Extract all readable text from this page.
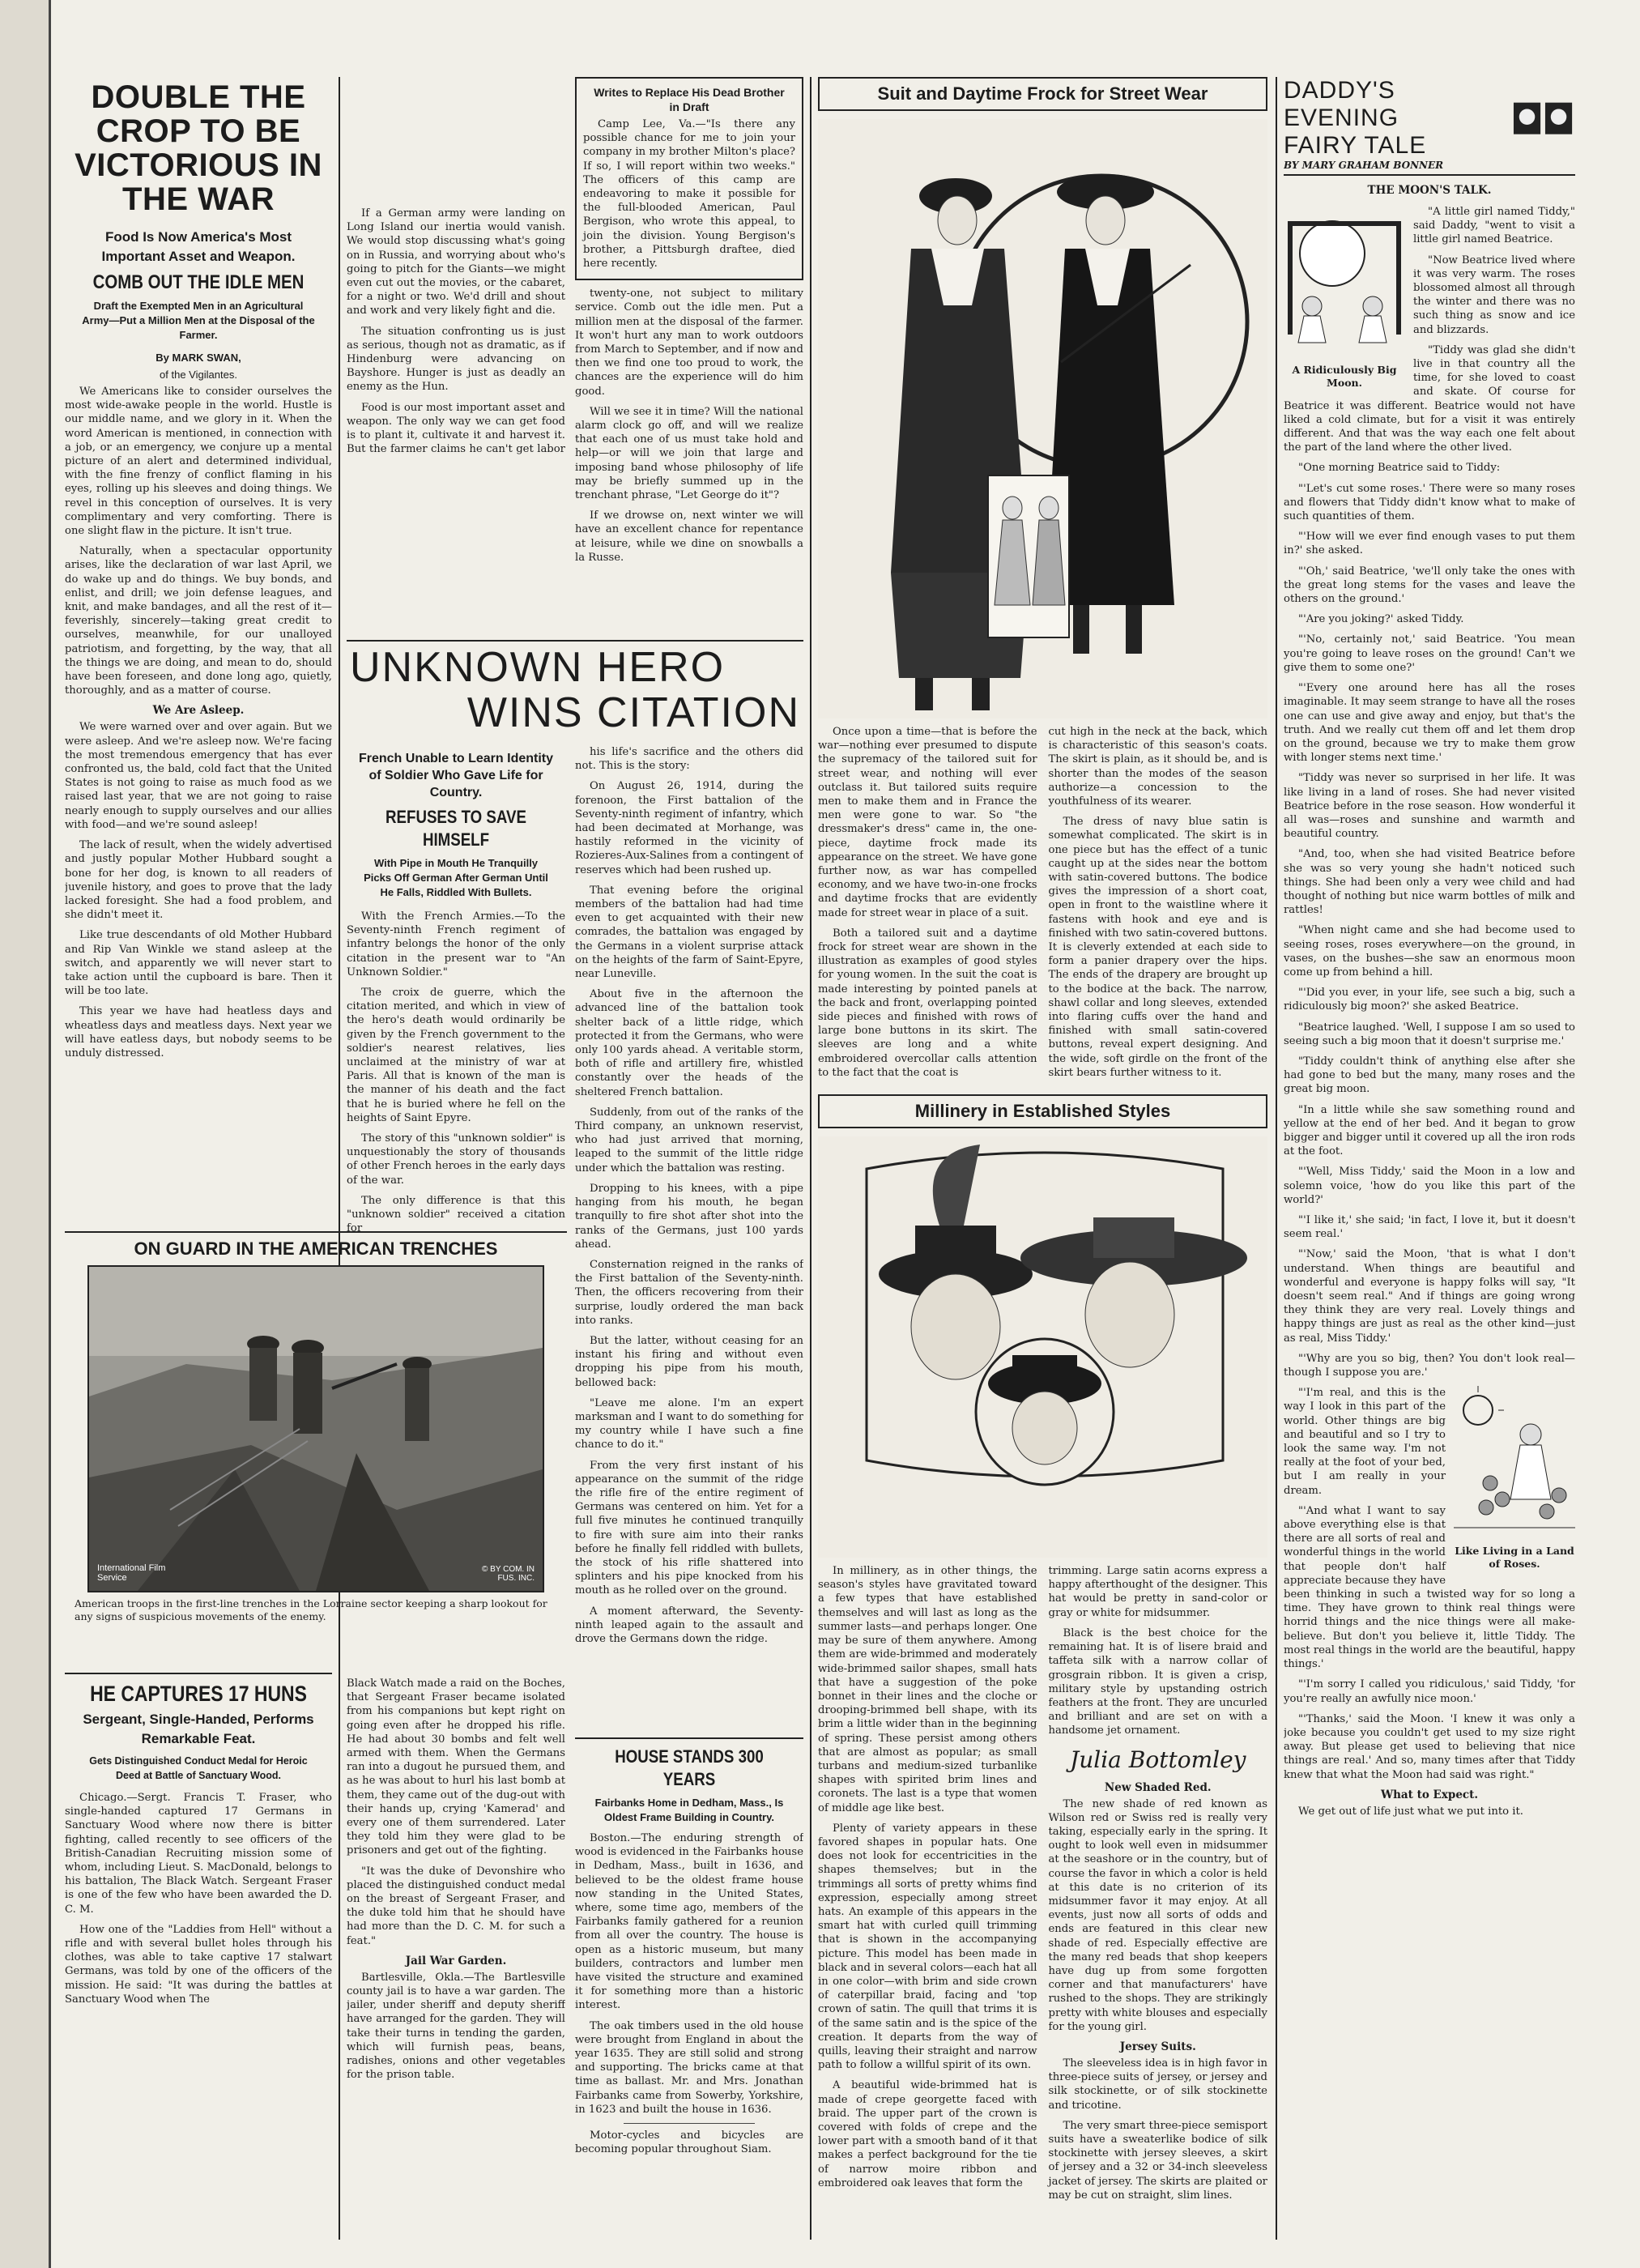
DOUBLE THE CROP TO BE VICTORIOUS IN THE WAR
Food Is Now America's Most Important Asset and Weapon.
COMB OUT THE IDLE MEN
Draft the Exempted Men in an Agricultural Army—Put a Million Men at the Disposal of the Farmer.
By MARK SWAN,
of the Vigilantes.

We Americans like to consider ourselves the most wide-awake people in the world. Hustle is our middle name, and we glory in it. When the word American is mentioned, in connection with a job, or an emergency, we conjure up a mental picture of an alert and determined individual, with the fine frenzy of conflict flaming in his eyes, rolling up his sleeves and doing things. We revel in this conception of ourselves. It is very complimentary and very comforting. There is one slight flaw in the picture. It isn't true.

Naturally, when a spectacular opportunity arises, like the declaration of war last April, we do wake up and do things. We buy bonds, and enlist, and drill; we join defense leagues, and knit, and make bandages, and all the rest of it—feverishly, sincerely—taking great credit to ourselves, meanwhile, for our unalloyed patriotism, and forgetting, by the way, that all the things we are doing, and mean to do, should have been foreseen, and done long ago, quietly, thoroughly, and as a matter of course.

We Are Asleep.

We were warned over and over again. But we were asleep. And we're asleep now. We're facing the most tremendous emergency that has ever confronted us, the bald, cold fact that the United States is not going to raise as much food as we raised last year, that we are not going to raise nearly enough to supply ourselves and our allies with food—and we're sound asleep!

The lack of result, when the widely advertised and justly popular Mother Hubbard sought a bone for her dog, is known to all readers of juvenile history, and goes to prove that the lady lacked foresight. She had a food problem, and she didn't meet it.

Like true descendants of old Mother Hubbard and Rip Van Winkle we stand asleep at the switch, and apparently we will never start to take action until the cupboard is bare. Then it will be too late.

This year we have had heatless days and wheatless days and meatless days. Next year we will have eatless days, but nobody seems to be unduly distressed.

If a German army were landing on Long Island our inertia would vanish. We would stop discussing what's going on in Russia, and worrying about who's going to pitch for the Giants—we might even cut out the movies, or the cabaret, for a night or two. We'd drill and shout and work and very likely fight and die.

The situation confronting us is just as serious, though not as dramatic, as if Hindenburg were advancing on Bayshore. Hunger is just as deadly an enemy as the Hun.

Food is our most important asset and weapon. The only way we can get food is to plant it, cultivate it and harvest it. But the farmer claims he can't get labor

Writes to Replace His Dead Brother in Draft

Camp Lee, Va.—"Is there any possible chance for me to join your company in my brother Milton's place? If so, I will report within two weeks." The officers of this camp are endeavoring to make it possible for the full-blooded American, Paul Bergison, who wrote this appeal, to join the division. Young Bergison's brother, a Pittsburgh draftee, died here recently.

twenty-one, not subject to military service. Comb out the idle men. Put a million men at the disposal of the farmer. It won't hurt any man to work outdoors from March to September, and if now and then we find one too proud to work, the chances are the experience will do him good.

Will we see it in time? Will the national alarm clock go off, and will we realize that each one of us must take hold and help—or will we join that large and imposing band whose philosophy of life may be briefly summed up in the trenchant phrase, "Let George do it"?

If we drowse on, next winter we will have an excellent chance for repentance at leisure, while we dine on snowballs a la Russe.

UNKNOWN HERO
WINS CITATION
French Unable to Learn Identity of Soldier Who Gave Life for Country.
REFUSES TO SAVE HIMSELF
With Pipe in Mouth He Tranquilly Picks Off German After German Until He Falls, Riddled With Bullets.

With the French Armies.—To the Seventy-ninth French regiment of infantry belongs the honor of the only citation in the present war to "An Unknown Soldier."

The croix de guerre, which the citation merited, and which in view of the hero's death would ordinarily be given by the French government to the soldier's nearest relatives, lies unclaimed at the ministry of war at Paris. All that is known of the man is the manner of his death and the fact that he is buried where he fell on the heights of Saint Epyre.

The story of this "unknown soldier" is unquestionably the story of thousands of other French heroes in the early days of the war.

The only difference is that this "unknown soldier" received a citation for

his life's sacrifice and the others did not. This is the story:

On August 26, 1914, during the forenoon, the First battalion of the Seventy-ninth regiment of infantry, which had been decimated at Morhange, was hastily reformed in the vicinity of Rozieres-Aux-Salines from a contingent of reserves which had been rushed up.

That evening before the original members of the battalion had had time even to get acquainted with their new comrades, the battalion was engaged by the Germans in a violent surprise attack on the heights of the farm of Saint-Epyre, near Luneville.

About five in the afternoon the advanced line of the battalion took shelter back of a little ridge, which protected it from the Germans, who were only 100 yards ahead. A veritable storm, both of rifle and artillery fire, whistled constantly over the heads of the sheltered French battalion.

Suddenly, from out of the ranks of the Third company, an unknown reservist, who had just arrived that morning, leaped to the summit of the little ridge under which the battalion was resting.

Dropping to his knees, with a pipe hanging from his mouth, he began tranquilly to fire shot after shot into the ranks of the Germans, just 100 yards ahead.

Consternation reigned in the ranks of the First battalion of the Seventy-ninth. Then, the officers recovering from their surprise, loudly ordered the man back into ranks.

But the latter, without ceasing for an instant his firing and without even dropping his pipe from his mouth, bellowed back:

"Leave me alone. I'm an expert marksman and I want to do something for my country while I have such a fine chance to do it."

From the very first instant of his appearance on the summit of the ridge the rifle fire of the entire regiment of Germans was centered on him. Yet for a full five minutes he continued tranquilly to fire with sure aim into their ranks before he finally fell riddled with bullets, the stock of his rifle shattered into splinters and his pipe knocked from his mouth as he rolled over on the ground.

A moment afterward, the Seventy-ninth leaped again to the assault and drove the Germans down the ridge.

ON GUARD IN THE AMERICAN TRENCHES
International Film Service
© BY COM. IN FUS. INC.
American troops in the first-line trenches in the Lorraine sector keeping a sharp lookout for any signs of suspicious movements of the enemy.
HE CAPTURES 17 HUNS
Sergeant, Single-Handed, Performs Remarkable Feat.
Gets Distinguished Conduct Medal for Heroic Deed at Battle of Sanctuary Wood.

Chicago.—Sergt. Francis T. Fraser, who single-handed captured 17 Germans in Sanctuary Wood where now there is bitter fighting, called recently to see officers of the British-Canadian Recruiting mission some of whom, including Lieut. S. MacDonald, belongs to his battalion, The Black Watch. Sergeant Fraser is one of the few who have been awarded the D. C. M.

How one of the "Laddies from Hell" without a rifle and with several bullet holes through his clothes, was able to take captive 17 stalwart Germans, was told by one of the officers of the mission. He said: "It was during the battles at Sanctuary Wood when The

Black Watch made a raid on the Boches, that Sergeant Fraser became isolated from his companions but kept right on going even after he dropped his rifle. He had about 30 bombs and felt well armed with them. When the Germans ran into a dugout he pursued them, and as he was about to hurl his last bomb at them, they came out of the dug-out with their hands up, crying 'Kamerad' and every one of them surrendered. Later they told him they were glad to be prisoners and get out of the fighting.

"It was the duke of Devonshire who placed the distinguished conduct medal on the breast of Sergeant Fraser, and the duke told him that he should have had more than the D. C. M. for such a feat."

Jail War Garden.

Bartlesville, Okla.—The Bartlesville county jail is to have a war garden. The jailer, under sheriff and deputy sheriff have arranged for the garden. They will take their turns in tending the garden, which will furnish peas, beans, radishes, onions and other vegetables for the prison table.

HOUSE STANDS 300 YEARS
Fairbanks Home in Dedham, Mass., Is Oldest Frame Building in Country.

Boston.—The enduring strength of wood is evidenced in the Fairbanks house in Dedham, Mass., built in 1636, and believed to be the oldest frame house now standing in the United States, where, some time ago, members of the Fairbanks family gathered for a reunion from all over the country. The house is open as a historic museum, but many builders, contractors and lumber men have visited the structure and examined it for something more than a historic interest.

The oak timbers used in the old house were brought from England in about the year 1635. They are still solid and strong and supporting. The bricks came at that time as ballast. Mr. and Mrs. Jonathan Fairbanks came from Sowerby, Yorkshire, in 1623 and built the house in 1636.

Motor-cycles and bicycles are becoming popular throughout Siam.

Suit and Daytime Frock for Street Wear

Once upon a time—that is before the war—nothing ever presumed to dispute the supremacy of the tailored suit for street wear, and nothing will ever outclass it. But tailored suits require men to make them and in France the men were gone to war. So "the dressmaker's dress" came in, the one-piece, daytime frock made its appearance on the street. We have gone further now, as war has compelled economy, and we have two-in-one frocks and daytime frocks that are evidently made for street wear in place of a suit.

Both a tailored suit and a daytime frock for street wear are shown in the illustration as examples of good styles for young women. In the suit the coat is made interesting by pointed panels at the back and front, overlapping pointed side pieces and finished with rows of large bone buttons in its skirt. The sleeves are long and a white embroidered overcollar calls attention to the fact that the coat is

cut high in the neck at the back, which is characteristic of this season's coats. The skirt is plain, as it should be, and is shorter than the modes of the season authorize—a concession to the youthfulness of its wearer.

The dress of navy blue satin is somewhat complicated. The skirt is in one piece but has the effect of a tunic caught up at the sides near the bottom with satin-covered buttons. The bodice gives the impression of a short coat, open in front to the waistline where it fastens with hook and eye and is finished with two satin-covered buttons. It is cleverly extended at each side to form a panier drapery over the hips. The ends of the drapery are brought up to the bodice at the back. The narrow, shawl collar and long sleeves, extended into flaring cuffs over the hand and finished with small satin-covered buttons, reveal expert designing. And the wide, soft girdle on the front of the skirt bears further witness to it.

Millinery in Established Styles

In millinery, as in other things, the season's styles have gravitated toward a few types that have established themselves and will last as long as the summer lasts—and perhaps longer. One may be sure of them anywhere. Among them are wide-brimmed and moderately wide-brimmed sailor shapes, small hats that have a suggestion of the poke bonnet in their lines and the cloche or drooping-brimmed bell shape, with its brim a little wider than in the beginning of spring. These persist among others that are almost as popular; as small turbans and medium-sized turbanlike shapes with spirited brim lines and coronets. The last is a type that women of middle age like best.

Plenty of variety appears in these favored shapes in popular hats. One does not look for eccentricities in the shapes themselves; but in the trimmings all sorts of pretty whims find expression, especially among street hats. An example of this appears in the smart hat with curled quill trimming that is shown in the accompanying picture. This model has been made in black and in several colors—each hat all in one color—with brim and side crown of caterpillar braid, facing and 'top crown of satin. The quill that trims it is of the same satin and is the spice of the creation. It departs from the way of quills, leaving their straight and narrow path to follow a willful spirit of its own.

A beautiful wide-brimmed hat is made of crepe georgette faced with braid. The upper part of the crown is covered with folds of crepe and the lower part with a smooth band of it that makes a perfect background for the tie of narrow moire ribbon and embroidered oak leaves that form the

trimming. Large satin acorns express a happy afterthought of the designer. This hat would be pretty in sand-color or gray or white for midsummer.

Black is the best choice for the remaining hat. It is of lisere braid and taffeta silk with a narrow collar of grosgrain ribbon. It is given a crisp, military style by upstanding ostrich feathers at the front. They are uncurled and brilliant and are set on with a handsome jet ornament.

Julia Bottomley
New Shaded Red.

The new shade of red known as Wilson red or Swiss red is really very taking, especially early in the spring. It ought to look well even in midsummer at the seashore or in the country, but of course the favor in which a color is held at this date is no criterion of its midsummer favor it may enjoy. At all events, just now all sorts of odds and ends are featured in this clear new shade of red. Especially effective are the many red beads that shop keepers have dug up from some forgotten corner and that manufacturers' have rushed to the shops. They are strikingly pretty with white blouses and especially for the young girl.

Jersey Suits.

The sleeveless idea is in high favor in three-piece suits of jersey, or jersey and silk stockinette, or of silk stockinette and tricotine.

The very smart three-piece semisport suits have a sweaterlike bodice of silk stockinette with jersey sleeves, a skirt of jersey and a 32 or 34-inch sleeveless jacket of jersey. The skirts are plaited or may be cut on straight, slim lines.

DADDY'S EVENING
FAIRY TALE
BY MARY GRAHAM BONNER
THE MOON'S TALK.
A Ridiculously Big Moon.

"A little girl named Tiddy," said Daddy, "went to visit a little girl named Beatrice.

"Now Beatrice lived where it was very warm. The roses blossomed almost all through the winter and there was no such thing as snow and ice and blizzards.

"Tiddy was glad she didn't live in that country all the time, for she loved to coast and skate. Of course for Beatrice it was different. Beatrice would not have liked a cold climate, but for a visit it was entirely different. And that was the way each one felt about the part of the land where the other lived.

"One morning Beatrice said to Tiddy:

"'Let's cut some roses.' There were so many roses and flowers that Tiddy didn't know what to make of such quantities of them.

"'How will we ever find enough vases to put them in?' she asked.

"'Oh,' said Beatrice, 'we'll only take the ones with the great long stems for the vases and leave the others on the ground.'

"'Are you joking?' asked Tiddy.

"'No, certainly not,' said Beatrice. 'You mean you're going to leave roses on the ground! Can't we give them to some one?'

"'Every one around here has all the roses imaginable. It may seem strange to have all the roses one can use and give away and enjoy, but that's the truth. And we really cut them off and let them drop on the ground, because we try to make them grow with longer stems next time.'

"Tiddy was never so surprised in her life. It was like living in a land of roses. She had never visited Beatrice before in the rose season. How wonderful it all was—roses and sunshine and warmth and beautiful country.

"And, too, when she had visited Beatrice before she was so very young she hadn't noticed such things. She had been only a very wee child and had thought of nothing but nice warm bottles of milk and rattles!

"When night came and she had become used to seeing roses, roses everywhere—on the ground, in vases, on the bushes—she saw an enormous moon come up from behind a hill.

"'Did you ever, in your life, see such a big, such a ridiculously big moon?' she asked Beatrice.

"Beatrice laughed. 'Well, I suppose I am so used to seeing such a big moon that it doesn't surprise me.'

"Tiddy couldn't think of anything else after she had gone to bed but the many, many roses and the great big moon.

"In a little while she saw something round and yellow at the end of her bed. And it began to grow bigger and bigger until it covered up all the iron rods at the foot.

"'Well, Miss Tiddy,' said the Moon in a low and solemn voice, 'how do you like this part of the world?'

"'I like it,' she said; 'in fact, I love it, but it doesn't seem real.'

"'Now,' said the Moon, 'that is what I don't understand. When things are beautiful and wonderful and everyone is happy folks will say, "It doesn't seem real." And if things are going wrong they think they are very real. Lovely things and happy things are just as real as the other kind—just as real, Miss Tiddy.'

"'Why are you so big, then? You don't look real—though I suppose you are.'

Like Living in a Land of Roses.

"'I'm real, and this is the way I look in this part of the world. Other things are big and beautiful and so I try to look the same way. I'm not really at the foot of your bed, but I am really in your dream.

"'And what I want to say above everything else is that there are all sorts of real and wonderful things in the world that people don't half appreciate because they have been thinking in such a twisted way for so long a time. They have grown to think real things were horrid things and the nice things were all make-believe. But don't you believe it, little Tiddy. The most real things in the world are the beautiful, happy things.'

"'I'm sorry I called you ridiculous,' said Tiddy, 'for you're really an awfully nice moon.'

"'Thanks,' said the Moon. 'I knew it was only a joke because you couldn't get used to my size right away. But please get used to believing that nice things are real.' And so, many times after that Tiddy knew that what the Moon had said was right."

What to Expect.

We get out of life just what we put into it.
